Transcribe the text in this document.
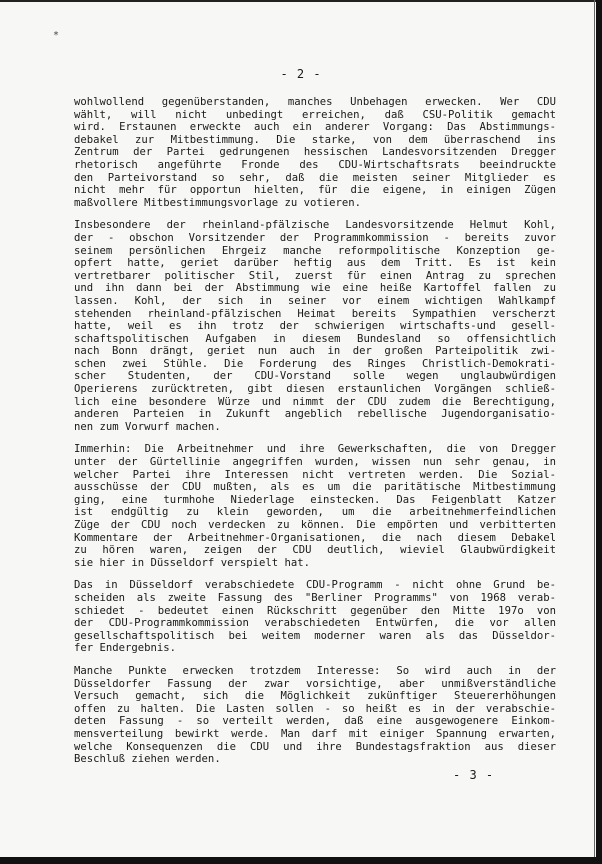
*
- 2 -
wohlwollend gegenüberstanden, manches Unbehagen erwecken. Wer CDU
wählt, will nicht unbedingt erreichen, daß CSU-Politik gemacht
wird. Erstaunen erweckte auch ein anderer Vorgang: Das Abstimmungs-
debakel zur Mitbestimmung. Die starke, von dem überraschend ins
Zentrum der Partei gedrungenen hessischen Landesvorsitzenden Dregger
rhetorisch angeführte Fronde des CDU-Wirtschaftsrats beeindruckte
den Parteivorstand so sehr, daß die meisten seiner Mitglieder es
nicht mehr für opportun hielten, für die eigene, in einigen Zügen
maßvollere Mitbestimmungsvorlage zu votieren.
Insbesondere der rheinland-pfälzische Landesvorsitzende Helmut Kohl,
der - obschon Vorsitzender der Programmkommission - bereits zuvor
seinem persönlichen Ehrgeiz manche reformpolitische Konzeption ge-
opfert hatte, geriet darüber heftig aus dem Tritt. Es ist kein
vertretbarer politischer Stil, zuerst für einen Antrag zu sprechen
und ihn dann bei der Abstimmung wie eine heiße Kartoffel fallen zu
lassen. Kohl, der sich in seiner vor einem wichtigen Wahlkampf
stehenden rheinland-pfälzischen Heimat bereits Sympathien verscherzt
hatte, weil es ihn trotz der schwierigen wirtschafts-und gesell-
schaftspolitischen Aufgaben in diesem Bundesland so offensichtlich
nach Bonn drängt, geriet nun auch in der großen Parteipolitik zwi-
schen zwei Stühle. Die Forderung des Ringes Christlich-Demokrati-
scher Studenten, der CDU-Vorstand solle wegen unglaubwürdigen
Operierens zurücktreten, gibt diesen erstaunlichen Vorgängen schließ-
lich eine besondere Würze und nimmt der CDU zudem die Berechtigung,
anderen Parteien in Zukunft angeblich rebellische Jugendorganisatio-
nen zum Vorwurf machen.
Immerhin: Die Arbeitnehmer und ihre Gewerkschaften, die von Dregger
unter der Gürtellinie angegriffen wurden, wissen nun sehr genau, in
welcher Partei ihre Interessen nicht vertreten werden. Die Sozial-
ausschüsse der CDU mußten, als es um die paritätische Mitbestimmung
ging, eine turmhohe Niederlage einstecken. Das Feigenblatt Katzer
ist endgültig zu klein geworden, um die arbeitnehmerfeindlichen
Züge der CDU noch verdecken zu können. Die empörten und verbitterten
Kommentare der Arbeitnehmer-Organisationen, die nach diesem Debakel
zu hören waren, zeigen der CDU deutlich, wieviel Glaubwürdigkeit
sie hier in Düsseldorf verspielt hat.
Das in Düsseldorf verabschiedete CDU-Programm - nicht ohne Grund be-
scheiden als zweite Fassung des "Berliner Programms" von 1968 verab-
schiedet - bedeutet einen Rückschritt gegenüber den Mitte 197o von
der CDU-Programmkommission verabschiedeten Entwürfen, die vor allen
gesellschaftspolitisch bei weitem moderner waren als das Düsseldor-
fer Endergebnis.
Manche Punkte erwecken trotzdem Interesse: So wird auch in der
Düsseldorfer Fassung der zwar vorsichtige, aber unmißverständliche
Versuch gemacht, sich die Möglichkeit zukünftiger Steuererhöhungen
offen zu halten. Die Lasten sollen - so heißt es in der verabschie-
deten Fassung - so verteilt werden, daß eine ausgewogenere Einkom-
mensverteilung bewirkt werde. Man darf mit einiger Spannung erwarten,
welche Konsequenzen die CDU und ihre Bundestagsfraktion aus dieser
Beschluß ziehen werden.
- 3 -
